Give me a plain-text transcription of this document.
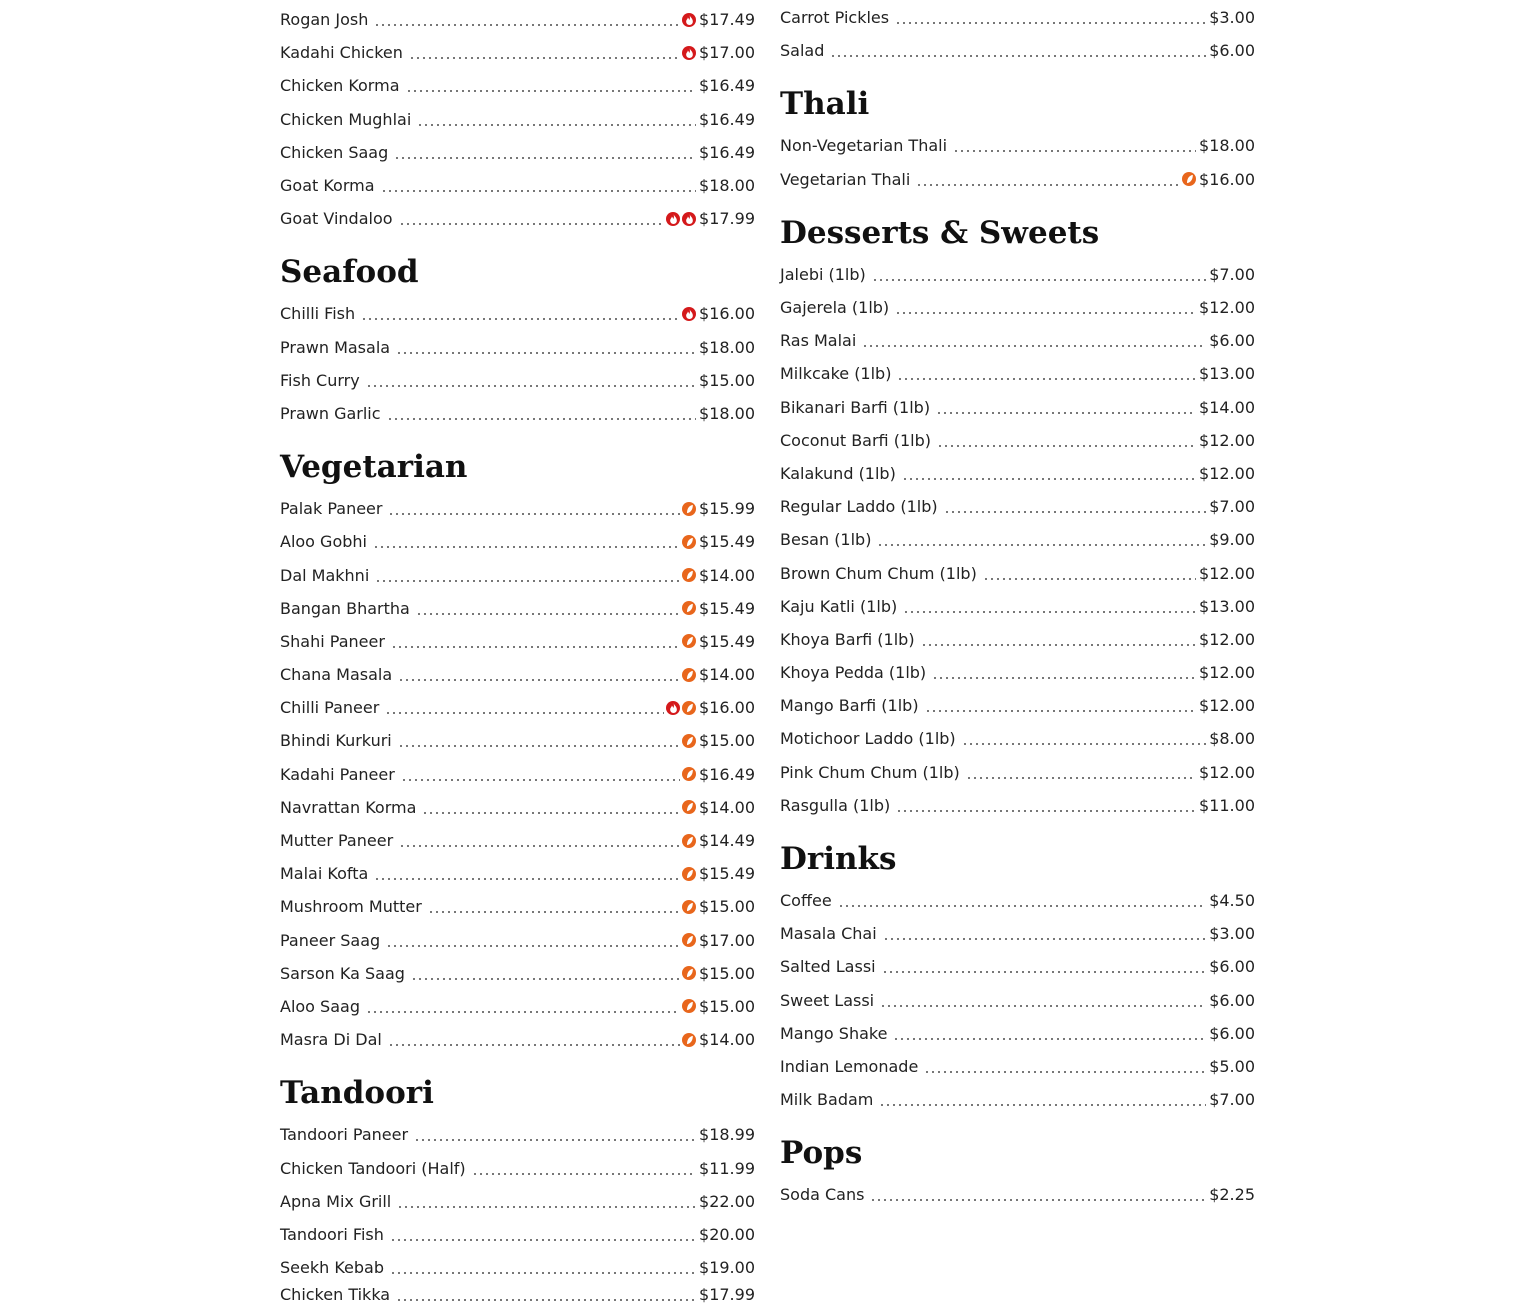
Rogan Josh	$17.49
Kadahi Chicken	$17.00
Chicken Korma	$16.49
Chicken Mughlai	$16.49
Chicken Saag	$16.49
Goat Korma	$18.00
Goat Vindaloo	$17.99
Seafood
Chilli Fish	$16.00
Prawn Masala	$18.00
Fish Curry	$15.00
Prawn Garlic	$18.00
Vegetarian
Palak Paneer	$15.99
Aloo Gobhi	$15.49
Dal Makhni	$14.00
Bangan Bhartha	$15.49
Shahi Paneer	$15.49
Chana Masala	$14.00
Chilli Paneer	$16.00
Bhindi Kurkuri	$15.00
Kadahi Paneer	$16.49
Navrattan Korma	$14.00
Mutter Paneer	$14.49
Malai Kofta	$15.49
Mushroom Mutter	$15.00
Paneer Saag	$17.00
Sarson Ka Saag	$15.00
Aloo Saag	$15.00
Masra Di Dal	$14.00
Tandoori
Tandoori Paneer	$18.99
Chicken Tandoori (Half)	$11.99
Apna Mix Grill	$22.00
Tandoori Fish	$20.00
Seekh Kebab	$19.00
Chicken Tikka	$17.99
Carrot Pickles	$3.00
Salad	$6.00
Thali
Non-Vegetarian Thali	$18.00
Vegetarian Thali	$16.00
Desserts & Sweets
Jalebi (1lb)	$7.00
Gajerela (1lb)	$12.00
Ras Malai	$6.00
Milkcake (1lb)	$13.00
Bikanari Barfi (1lb)	$14.00
Coconut Barfi (1lb)	$12.00
Kalakund (1lb)	$12.00
Regular Laddo (1lb)	$7.00
Besan (1lb)	$9.00
Brown Chum Chum (1lb)	$12.00
Kaju Katli (1lb)	$13.00
Khoya Barfi (1lb)	$12.00
Khoya Pedda (1lb)	$12.00
Mango Barfi (1lb)	$12.00
Motichoor Laddo (1lb)	$8.00
Pink Chum Chum (1lb)	$12.00
Rasgulla (1lb)	$11.00
Drinks
Coffee	$4.50
Masala Chai	$3.00
Salted Lassi	$6.00
Sweet Lassi	$6.00
Mango Shake	$6.00
Indian Lemonade	$5.00
Milk Badam	$7.00
Pops
Soda Cans	$2.25
